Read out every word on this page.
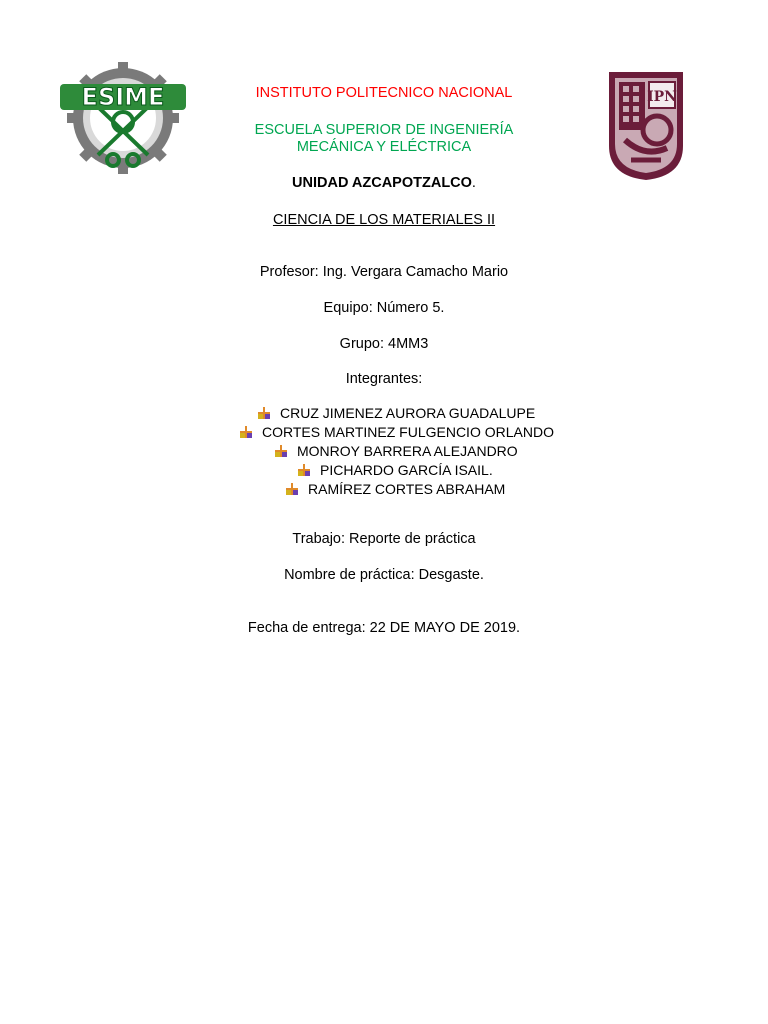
ESIME	IPN
INSTITUTO POLITECNICO NACIONAL
ESCUELA SUPERIOR DE INGENIERÍA
MECÁNICA Y ELÉCTRICA
UNIDAD AZCAPOTZALCO.
CIENCIA DE LOS MATERIALES II
Profesor: Ing. Vergara Camacho Mario
Equipo: Número 5.
Grupo: 4MM3
Integrantes:
CRUZ JIMENEZ AURORA GUADALUPE
CORTES MARTINEZ FULGENCIO ORLANDO
MONROY BARRERA ALEJANDRO
PICHARDO GARCÍA ISAIL.
RAMÍREZ CORTES ABRAHAM
Trabajo: Reporte de práctica
Nombre de práctica: Desgaste.
Fecha de entrega: 22 DE MAYO DE 2019.
